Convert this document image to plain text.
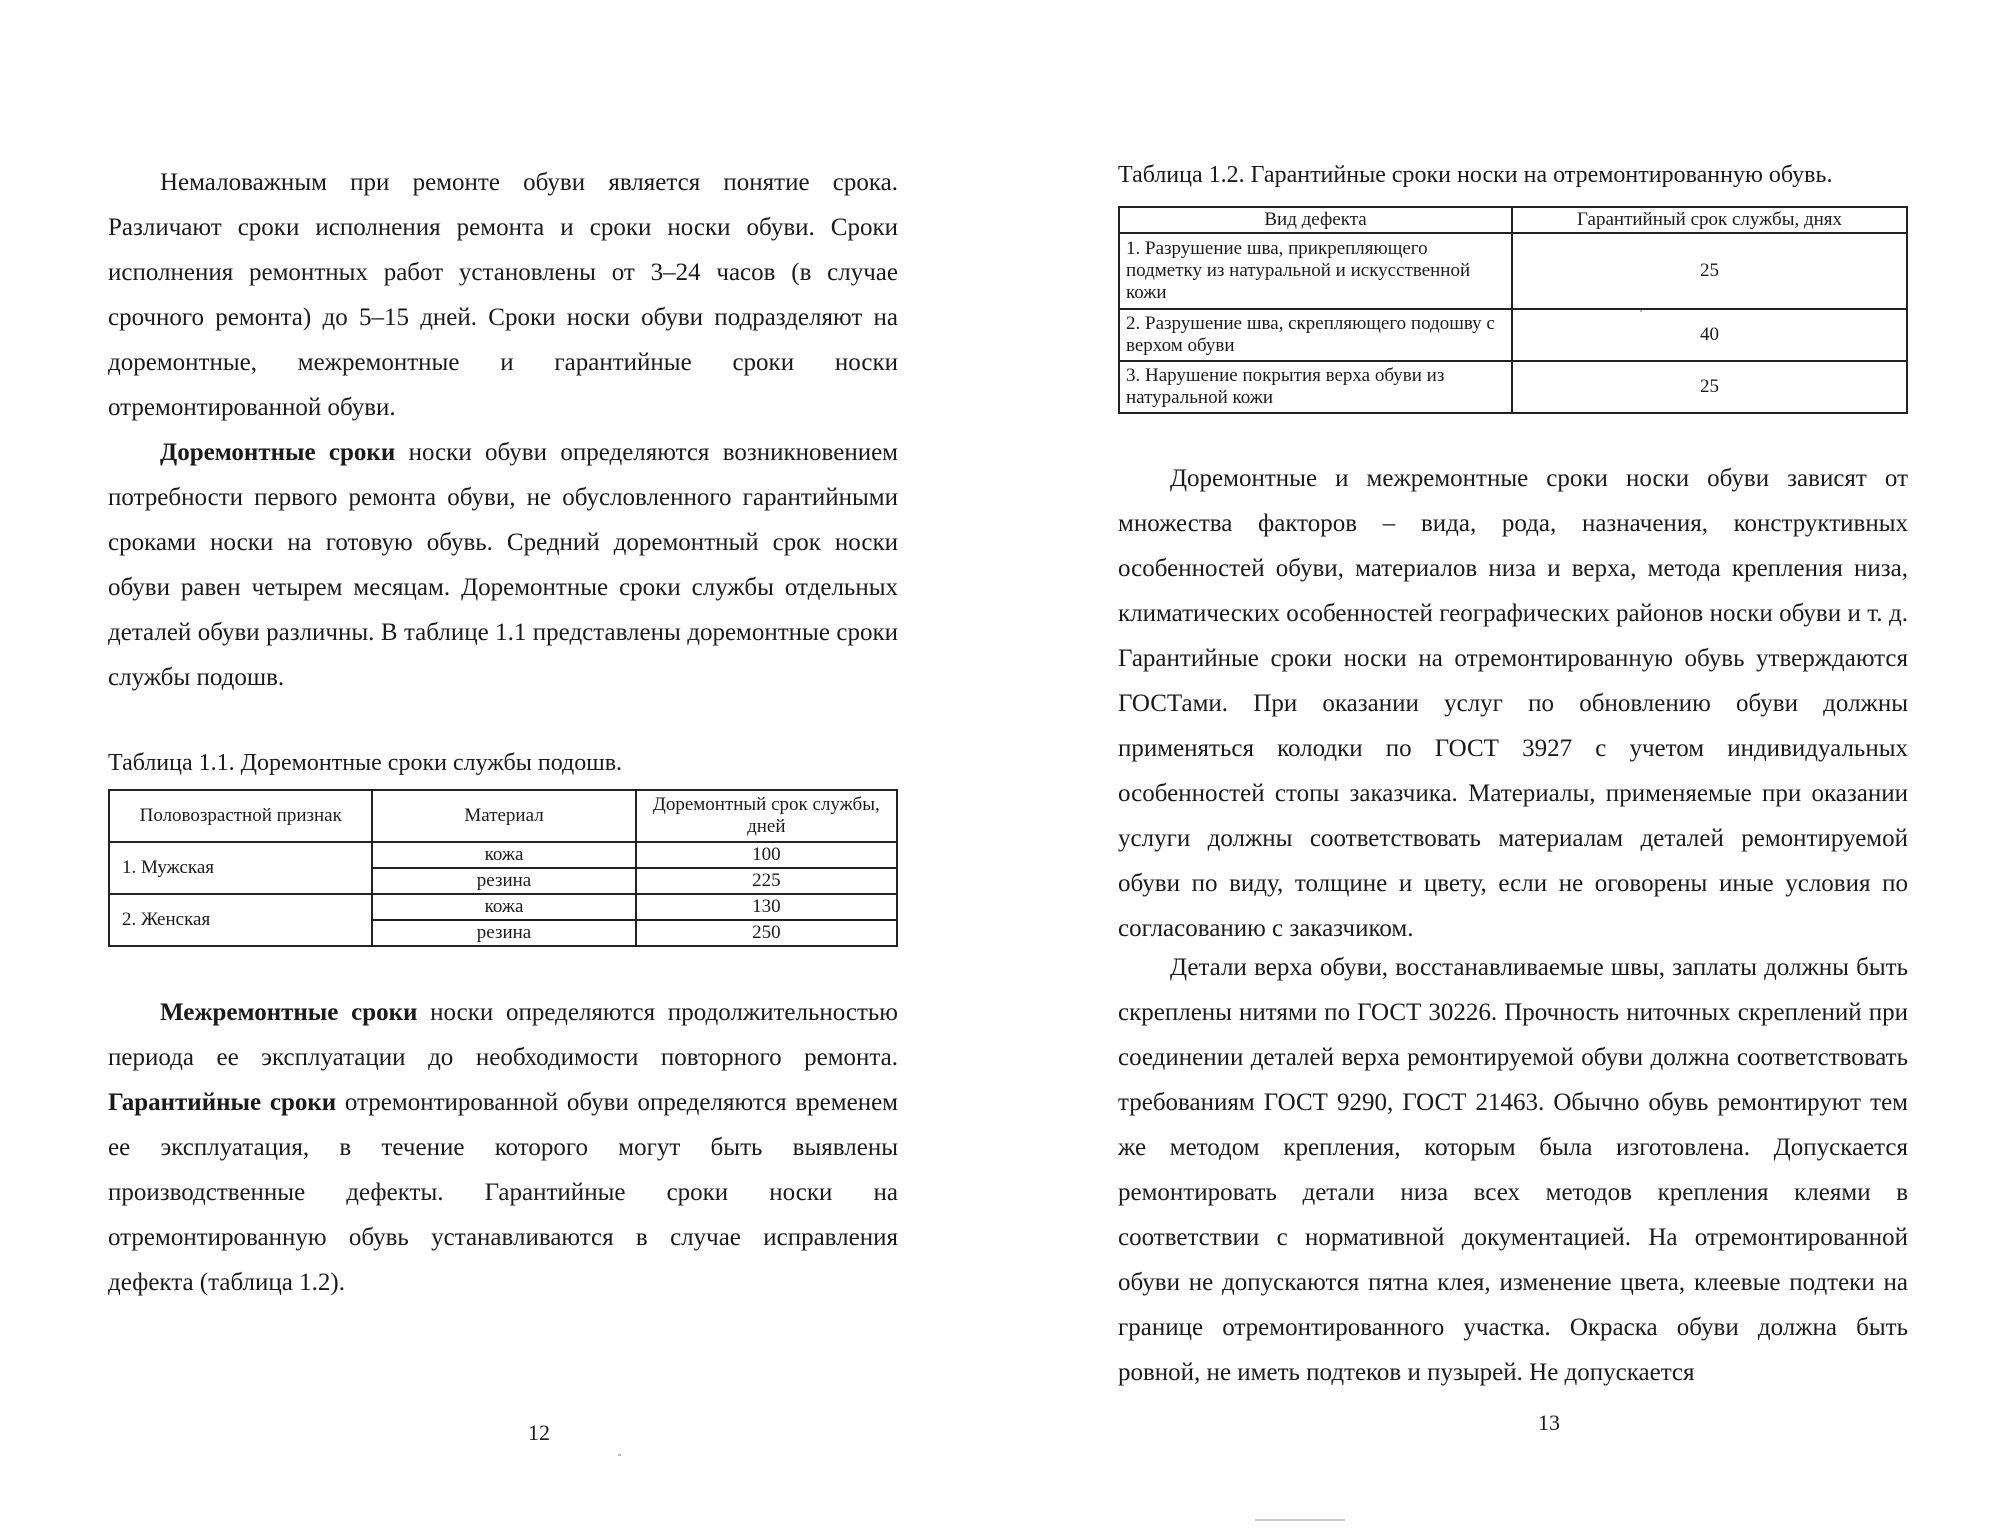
Немаловажным при ремонте обуви является понятие срока. Различают сроки исполнения ремонта и сроки носки обуви. Сроки исполнения ремонтных работ установлены от 3–24 часов (в случае срочного ремонта) до 5–15 дней. Сроки носки обуви подразделяют на доремонтные, межремонтные и гарантийные сроки носки отремонтированной обуви.

Доремонтные сроки носки обуви определяются возникновением потребности первого ремонта обуви, не обусловленного гарантийными сроками носки на готовую обувь. Средний доремонтный срок носки обуви равен четырем месяцам. Доремонтные сроки службы отдельных деталей обуви различны. В таблице 1.1 представлены доремонтные сроки службы подошв.

Таблица 1.1. Доремонтные сроки службы подошв.

Половозрастной признак	Материал	Доремонтный срок службы, дней
1. Мужская	кожа	100
	резина	225
2. Женская	кожа	130
	резина	250

Межремонтные сроки носки определяются продолжительностью периода ее эксплуатации до необходимости повторного ремонта. Гарантийные сроки отремонтированной обуви определяются временем ее эксплуатация, в течение которого могут быть выявлены производственные дефекты. Гарантийные сроки носки на отремонтированную обувь устанавливаются в случае исправления дефекта (таблица 1.2).

12

Таблица 1.2. Гарантийные сроки носки на отремонтированную обувь.

Вид дефекта	Гарантийный срок службы, днях
1. Разрушение шва, прикрепляющего подметку из натуральной и искусственной кожи	25
2. Разрушение шва, скрепляющего подошву с верхом обуви	40
3. Нарушение покрытия верха обуви из натуральной кожи	25

Доремонтные и межремонтные сроки носки обуви зависят от множества факторов – вида, рода, назначения, конструктивных особенностей обуви, материалов низа и верха, метода крепления низа, климатических особенностей географических районов носки обуви и т. д. Гарантийные сроки носки на отремонтированную обувь утверждаются ГОСТами. При оказании услуг по обновлению обуви должны применяться колодки по ГОСТ 3927 с учетом индивидуальных особенностей стопы заказчика. Материалы, применяемые при оказании услуги должны соответствовать материалам деталей ремонтируемой обуви по виду, толщине и цвету, если не оговорены иные условия по согласованию с заказчиком.

Детали верха обуви, восстанавливаемые швы, заплаты должны быть скреплены нитями по ГОСТ 30226. Прочность ниточных скреплений при соединении деталей верха ремонтируемой обуви должна соответствовать требованиям ГОСТ 9290, ГОСТ 21463. Обычно обувь ремонтируют тем же методом крепления, которым была изготовлена. Допускается ремонтировать детали низа всех методов крепления клеями в соответствии с нормативной документацией. На отремонтированной обуви не допускаются пятна клея, изменение цвета, клеевые подтеки на границе отремонтированного участка. Окраска обуви должна быть ровной, не иметь подтеков и пузырей. Не допускается

13
